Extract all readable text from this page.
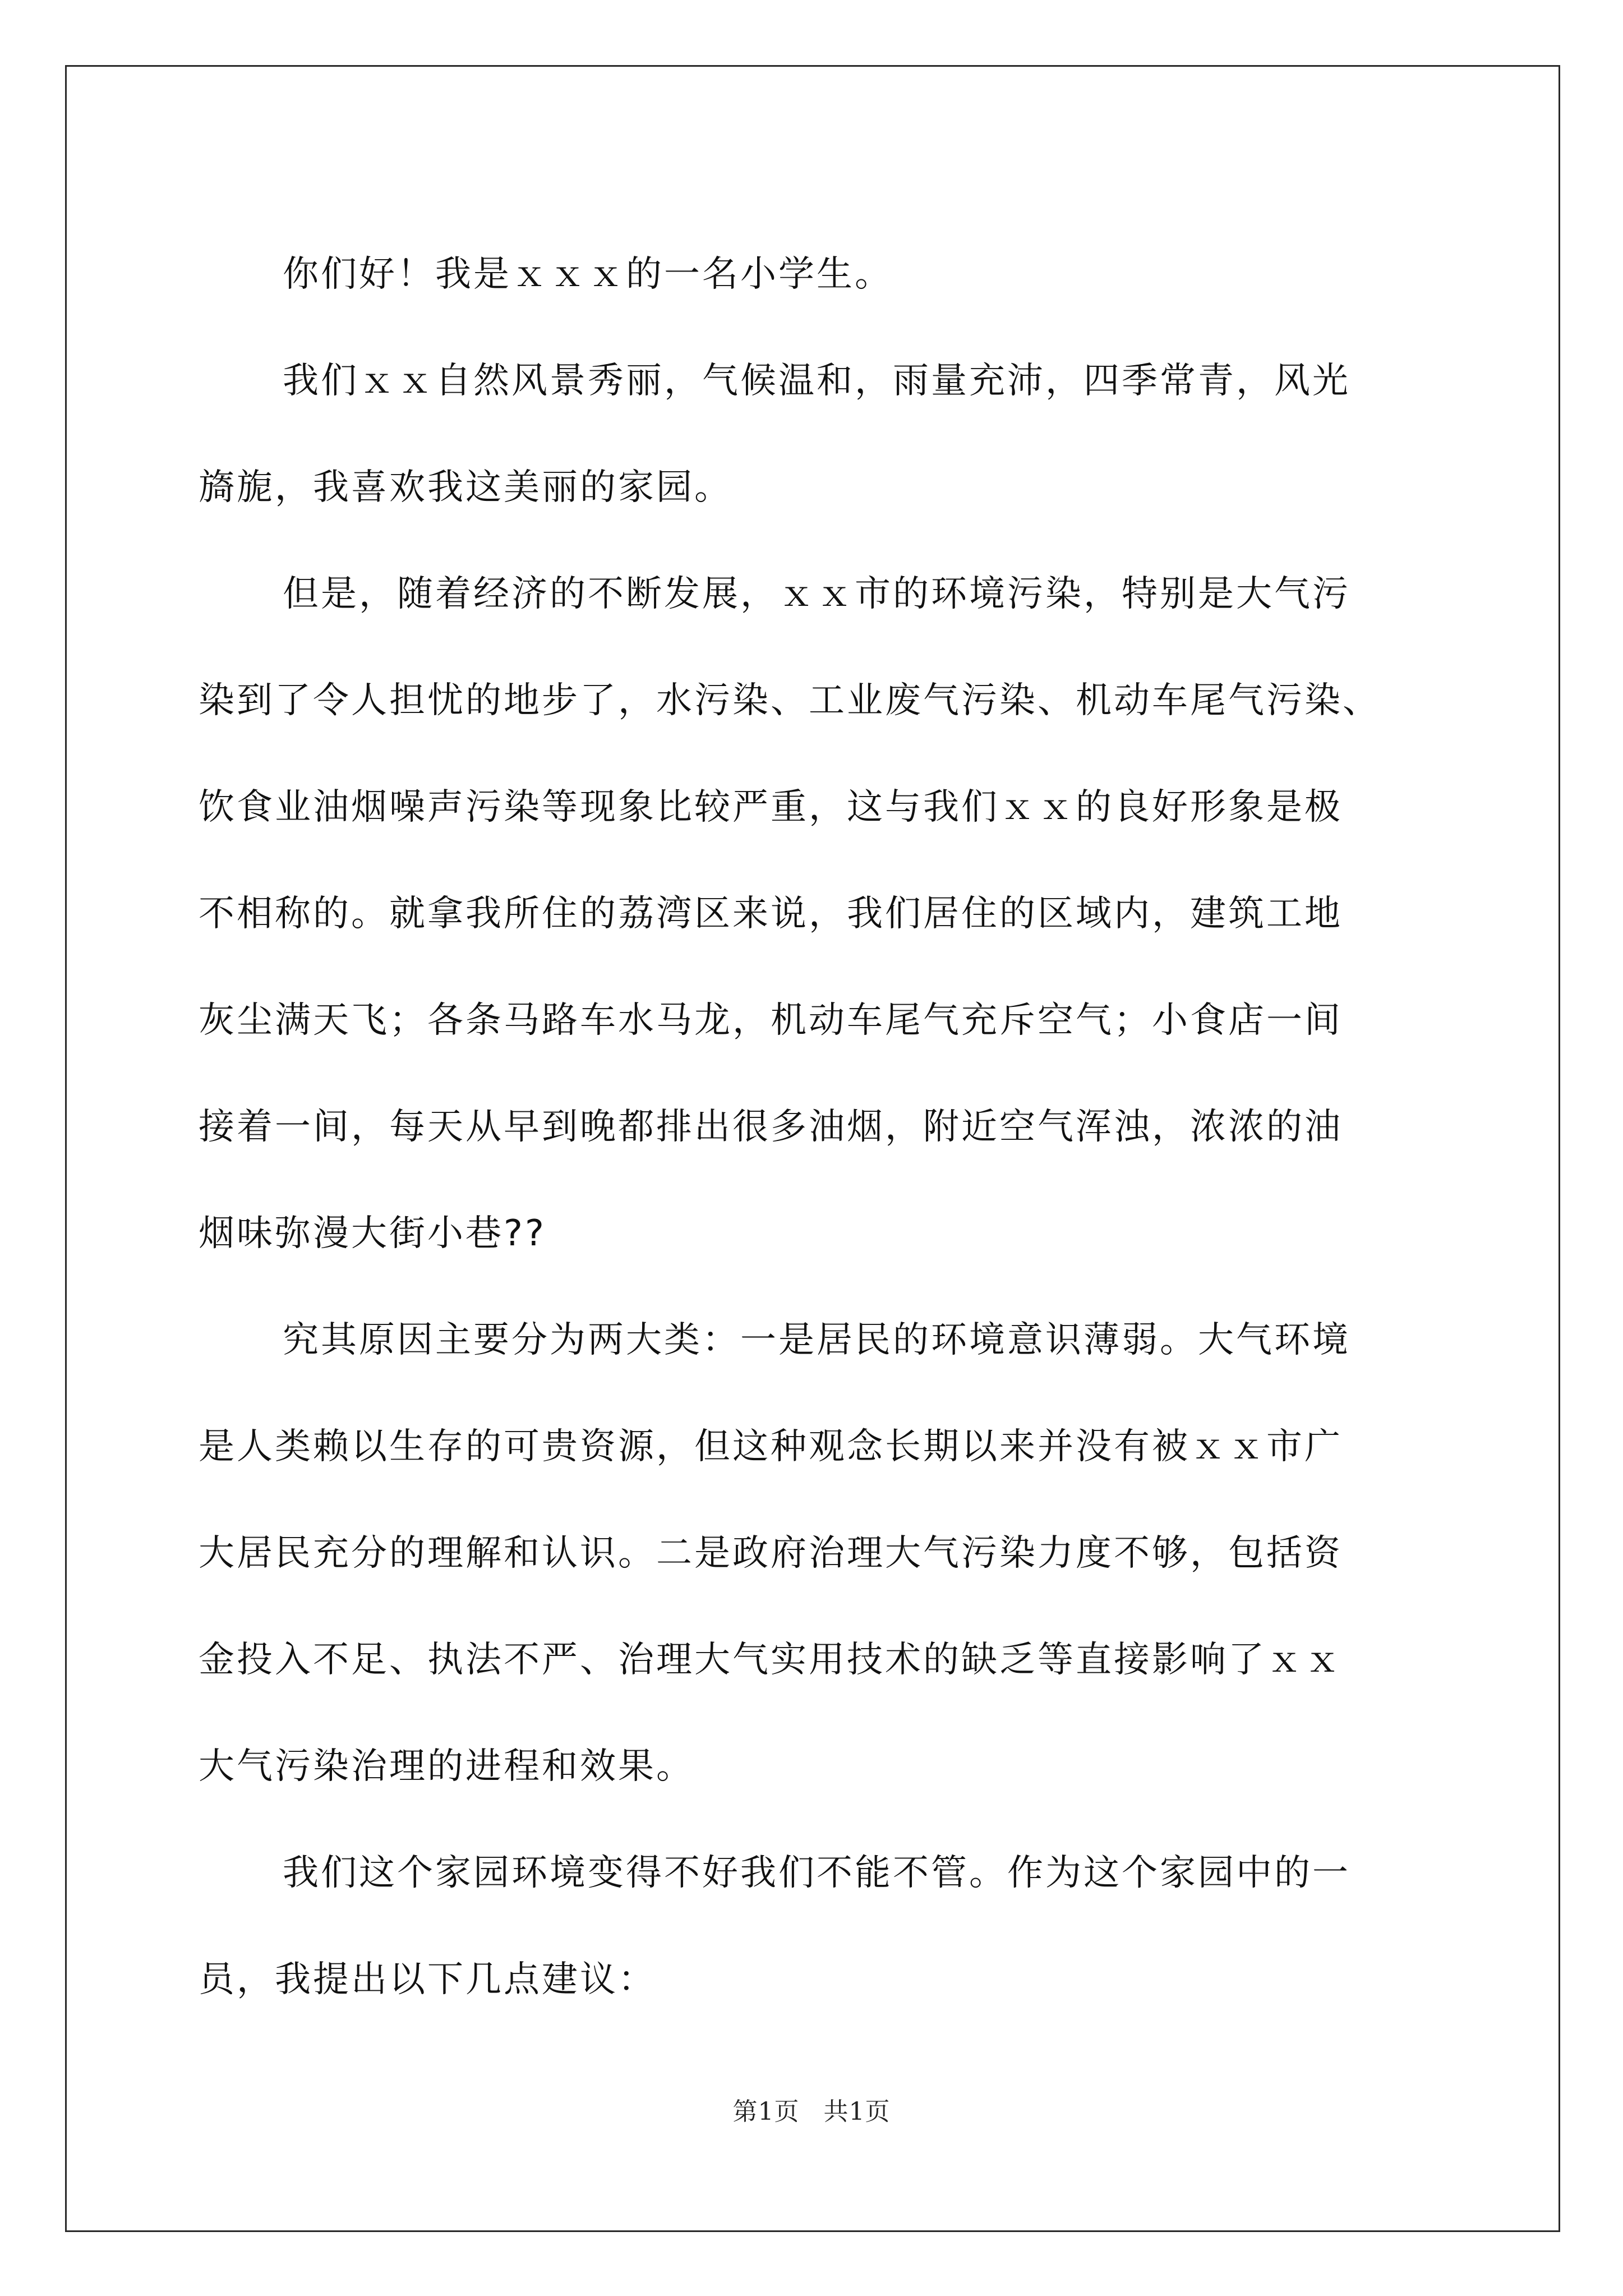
你们好！我是ｘｘｘ的一名小学生。

我们ｘｘ自然风景秀丽，气候温和，雨量充沛，四季常青，风光
旖旎，我喜欢我这美丽的家园。

但是，随着经济的不断发展，ｘｘ市的环境污染，特别是大气污
染到了令人担忧的地步了，水污染、工业废气污染、机动车尾气污染、
饮食业油烟噪声污染等现象比较严重，这与我们ｘｘ的良好形象是极
不相称的。就拿我所住的荔湾区来说，我们居住的区域内，建筑工地
灰尘满天飞；各条马路车水马龙，机动车尾气充斥空气；小食店一间
接着一间，每天从早到晚都排出很多油烟，附近空气浑浊，浓浓的油
烟味弥漫大街小巷??

究其原因主要分为两大类：一是居民的环境意识薄弱。大气环境
是人类赖以生存的可贵资源，但这种观念长期以来并没有被ｘｘ市广
大居民充分的理解和认识。二是政府治理大气污染力度不够，包括资
金投入不足、执法不严、治理大气实用技术的缺乏等直接影响了ｘｘ
大气污染治理的进程和效果。

我们这个家园环境变得不好我们不能不管。作为这个家园中的一
员，我提出以下几点建议：

第1页 共1页
